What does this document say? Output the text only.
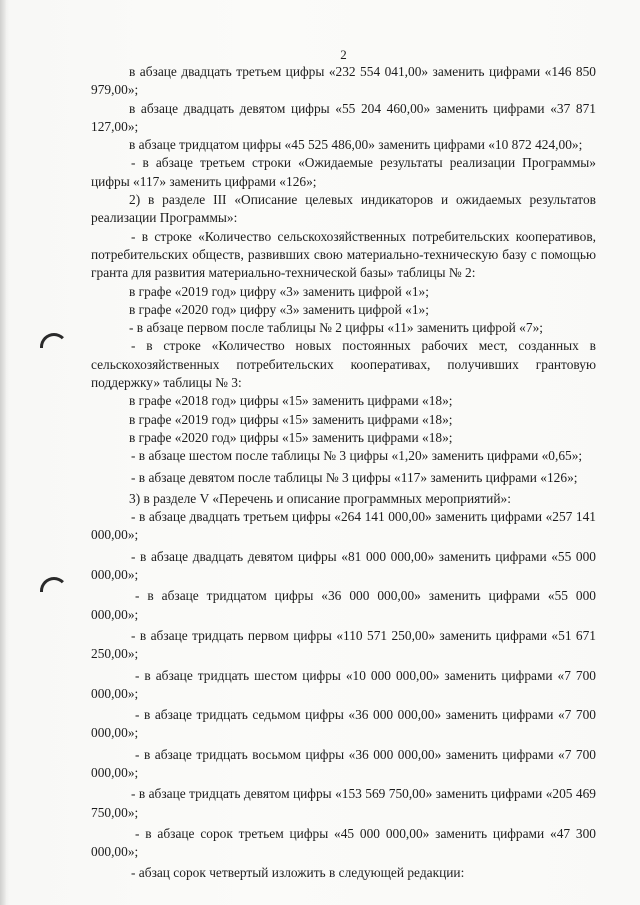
2

в абзаце двадцать третьем цифры «232 554 041,00» заменить цифрами «146 850 979,00»;

в абзаце двадцать девятом цифры «55 204 460,00» заменить цифрами «37 871 127,00»;

в абзаце тридцатом цифры «45 525 486,00» заменить цифрами «10 872 424,00»;

- в абзаце третьем строки «Ожидаемые результаты реализации Программы» цифры «117» заменить цифрами «126»;

2) в разделе III «Описание целевых индикаторов и ожидаемых результатов реализации Программы»:

- в строке «Количество сельскохозяйственных потребительских кооперативов, потребительских обществ, развивших свою материально-техническую базу с помощью гранта для развития материально-технической базы» таблицы № 2:

в графе «2019 год» цифру «3» заменить цифрой «1»;

в графе «2020 год» цифру «3» заменить цифрой «1»;

- в абзаце первом после таблицы № 2 цифры «11» заменить цифрой «7»;

- в строке «Количество новых постоянных рабочих мест, созданных в сельскохозяйственных потребительских кооперативах, получивших грантовую поддержку» таблицы № 3:

в графе «2018 год» цифры «15» заменить цифрами «18»;

в графе «2019 год» цифры «15» заменить цифрами «18»;

в графе «2020 год» цифры «15» заменить цифрами «18»;

- в абзаце шестом после таблицы № 3 цифры «1,20» заменить цифрами «0,65»;

- в абзаце девятом после таблицы № 3 цифры «117» заменить цифрами «126»;

3) в разделе V «Перечень и описание программных мероприятий»:

- в абзаце двадцать третьем цифры «264 141 000,00» заменить цифрами «257 141 000,00»;

- в абзаце двадцать девятом цифры «81 000 000,00» заменить цифрами «55 000 000,00»;

- в абзаце тридцатом цифры «36 000 000,00» заменить цифрами «55 000 000,00»;

- в абзаце тридцать первом цифры «110 571 250,00» заменить цифрами «51 671 250,00»;

- в абзаце тридцать шестом цифры «10 000 000,00» заменить цифрами «7 700 000,00»;

- в абзаце тридцать седьмом цифры «36 000 000,00» заменить цифрами «7 700 000,00»;

- в абзаце тридцать восьмом цифры «36 000 000,00» заменить цифрами «7 700 000,00»;

- в абзаце тридцать девятом цифры «153 569 750,00» заменить цифрами «205 469 750,00»;

- в абзаце сорок третьем цифры «45 000 000,00» заменить цифрами «47 300 000,00»;

- абзац сорок четвертый изложить в следующей редакции:
